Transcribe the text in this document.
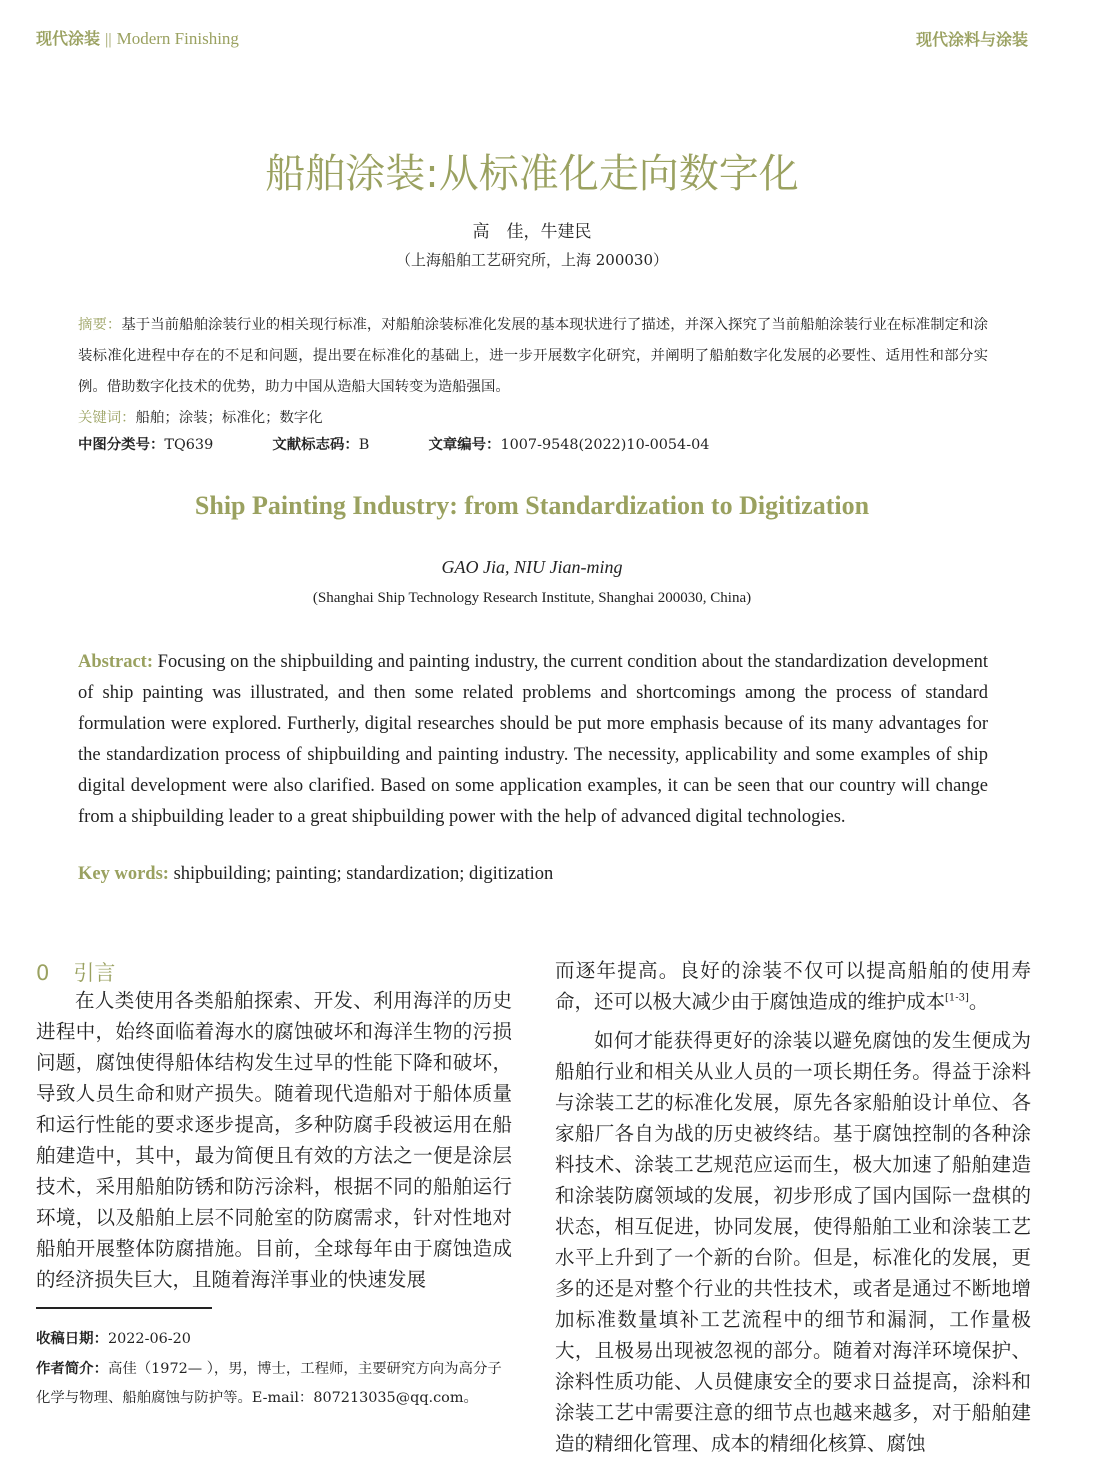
现代涂装 || Modern Finishing	现代涂料与涂装
船舶涂装:从标准化走向数字化
高　佳，牛建民
（上海船舶工艺研究所，上海 200030）
摘要：基于当前船舶涂装行业的相关现行标准，对船舶涂装标准化发展的基本现状进行了描述，并深入探究了当前船舶涂装行业在标准制定和涂装标准化进程中存在的不足和问题，提出要在标准化的基础上，进一步开展数字化研究，并阐明了船舶数字化发展的必要性、适用性和部分实例。借助数字化技术的优势，助力中国从造船大国转变为造船强国。
关键词：船舶；涂装；标准化；数字化
中图分类号：TQ639	文献标志码：B	文章编号：1007-9548(2022)10-0054-04
Ship Painting Industry: from Standardization to Digitization
GAO Jia, NIU Jian-ming
(Shanghai Ship Technology Research Institute, Shanghai 200030, China)
Abstract: Focusing on the shipbuilding and painting industry, the current condition about the standardization development of ship painting was illustrated, and then some related problems and shortcomings among the process of standard formulation were explored. Furtherly, digital researches should be put more emphasis because of its many advantages for the standardization process of shipbuilding and painting industry. The necessity, applicability and some examples of ship digital development were also clarified. Based on some application examples, it can be seen that our country will change from a shipbuilding leader to a great shipbuilding power with the help of advanced digital technologies.
Key words: shipbuilding; painting; standardization; digitization
0 引言

在人类使用各类船舶探索、开发、利用海洋的历史进程中，始终面临着海水的腐蚀破坏和海洋生物的污损问题，腐蚀使得船体结构发生过早的性能下降和破坏，导致人员生命和财产损失。随着现代造船对于船体质量和运行性能的要求逐步提高，多种防腐手段被运用在船舶建造中，其中，最为简便且有效的方法之一便是涂层技术，采用船舶防锈和防污涂料，根据不同的船舶运行环境，以及船舶上层不同舱室的防腐需求，针对性地对船舶开展整体防腐措施。目前，全球每年由于腐蚀造成的经济损失巨大，且随着海洋事业的快速发展

而逐年提高。良好的涂装不仅可以提高船舶的使用寿命，还可以极大减少由于腐蚀造成的维护成本[1-3]。

如何才能获得更好的涂装以避免腐蚀的发生便成为船舶行业和相关从业人员的一项长期任务。得益于涂料与涂装工艺的标准化发展，原先各家船舶设计单位、各家船厂各自为战的历史被终结。基于腐蚀控制的各种涂料技术、涂装工艺规范应运而生，极大加速了船舶建造和涂装防腐领域的发展，初步形成了国内国际一盘棋的状态，相互促进，协同发展，使得船舶工业和涂装工艺水平上升到了一个新的台阶。但是，标准化的发展，更多的还是对整个行业的共性技术，或者是通过不断地增加标准数量填补工艺流程中的细节和漏洞，工作量极大，且极易出现被忽视的部分。随着对海洋环境保护、涂料性质功能、人员健康安全的要求日益提高，涂料和涂装工艺中需要注意的细节点也越来越多，对于船舶建造的精细化管理、成本的精细化核算、腐蚀

收稿日期：2022-06-20
作者简介：高佳（1972— ），男，博士，工程师，主要研究方向为高分子化学与物理、船舶腐蚀与防护等。E-mail：807213035@qq.com。
